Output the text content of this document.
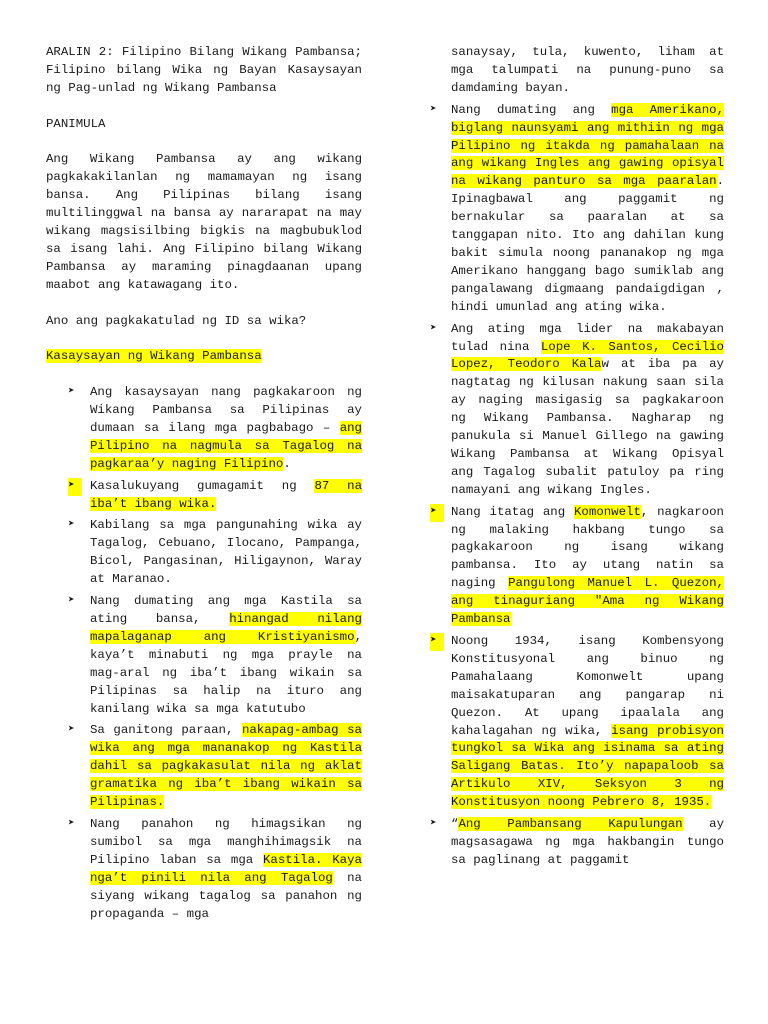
ARALIN 2: Filipino Bilang Wikang Pambansa; Filipino bilang Wika ng Bayan Kasaysayan ng Pag-unlad ng Wikang Pambansa

PANIMULA

Ang Wikang Pambansa ay ang wikang pagkakakilanlan ng mamamayan ng isang bansa. Ang Pilipinas bilang isang multilinggwal na bansa ay nararapat na may wikang magsisilbing bigkis na magbubuklod sa isang lahi. Ang Filipino bilang Wikang Pambansa ay maraming pinagdaanan upang maabot ang katawagang ito.

Ano ang pagkakatulad ng ID sa wika?

Kasaysayan ng Wikang Pambansa

➤	Ang kasaysayan nang pagkakaroon ng Wikang Pambansa sa Pilipinas ay dumaan sa ilang mga pagbabago – ang Pilipino na nagmula sa Tagalog na pagkaraa’y naging Filipino.
➤	Kasalukuyang gumagamit ng 87 na iba’t ibang wika.
➤	Kabilang sa mga pangunahing wika ay Tagalog, Cebuano, Ilocano, Pampanga, Bicol, Pangasinan, Hiligaynon, Waray at Maranao.
➤	Nang dumating ang mga Kastila sa ating bansa, hinangad nilang mapalaganap ang Kristiyanismo, kaya’t minabuti ng mga prayle na mag-aral ng iba’t ibang wikain sa Pilipinas sa halip na ituro ang kanilang wika sa mga katutubo
➤	Sa ganitong paraan, nakapag-ambag sa wika ang mga mananakop ng Kastila dahil sa pagkakasulat nila ng aklat gramatika ng iba’t ibang wikain sa Pilipinas.
➤	Nang panahon ng himagsikan ng sumibol sa mga manghihimagsik na Pilipino laban sa mga Kastila. Kaya nga’t pinili nila ang Tagalog na siyang wikang tagalog sa panahon ng propaganda – mga

sanaysay, tula, kuwento, liham at mga talumpati na punung-puno sa damdaming bayan.

➤	Nang dumating ang mga Amerikano, biglang naunsyami ang mithiin ng mga Pilipino ng itakda ng pamahalaan na ang wikang Ingles ang gawing opisyal na wikang panturo sa mga paaralan. Ipinagbawal ang paggamit ng bernakular sa paaralan at sa tanggapan nito. Ito ang dahilan kung bakit simula noong pananakop ng mga Amerikano hanggang bago sumiklab ang pangalawang digmaang pandaigdigan , hindi umunlad ang ating wika.
➤	Ang ating mga lider na makabayan tulad nina Lope K. Santos, Cecilio Lopez, Teodoro Kalaw at iba pa ay nagtatag ng kilusan nakung saan sila ay naging masigasig sa pagkakaroon ng Wikang Pambansa. Nagharap ng panukula si Manuel Gillego na gawing Wikang Pambansa at Wikang Opisyal ang Tagalog subalit patuloy pa ring namayani ang wikang Ingles.
➤	Nang itatag ang Komonwelt, nagkaroon ng malaking hakbang tungo sa pagkakaroon ng isang wikang pambansa. Ito ay utang natin sa naging Pangulong Manuel L. Quezon, ang tinaguriang "Ama ng Wikang Pambansa
➤	Noong 1934, isang Kombensyong Konstitusyonal ang binuo ng Pamahalaang Komonwelt upang maisakatuparan ang pangarap ni Quezon. At upang ipaalala ang kahalagahan ng wika, isang probisyon tungkol sa Wika ang isinama sa ating Saligang Batas. Ito’y napapaloob sa Artikulo XIV, Seksyon 3 ng Konstitusyon noong Pebrero 8, 1935.
➤	“Ang Pambansang Kapulungan ay magsasagawa ng mga hakbangin tungo sa paglinang at paggamit
